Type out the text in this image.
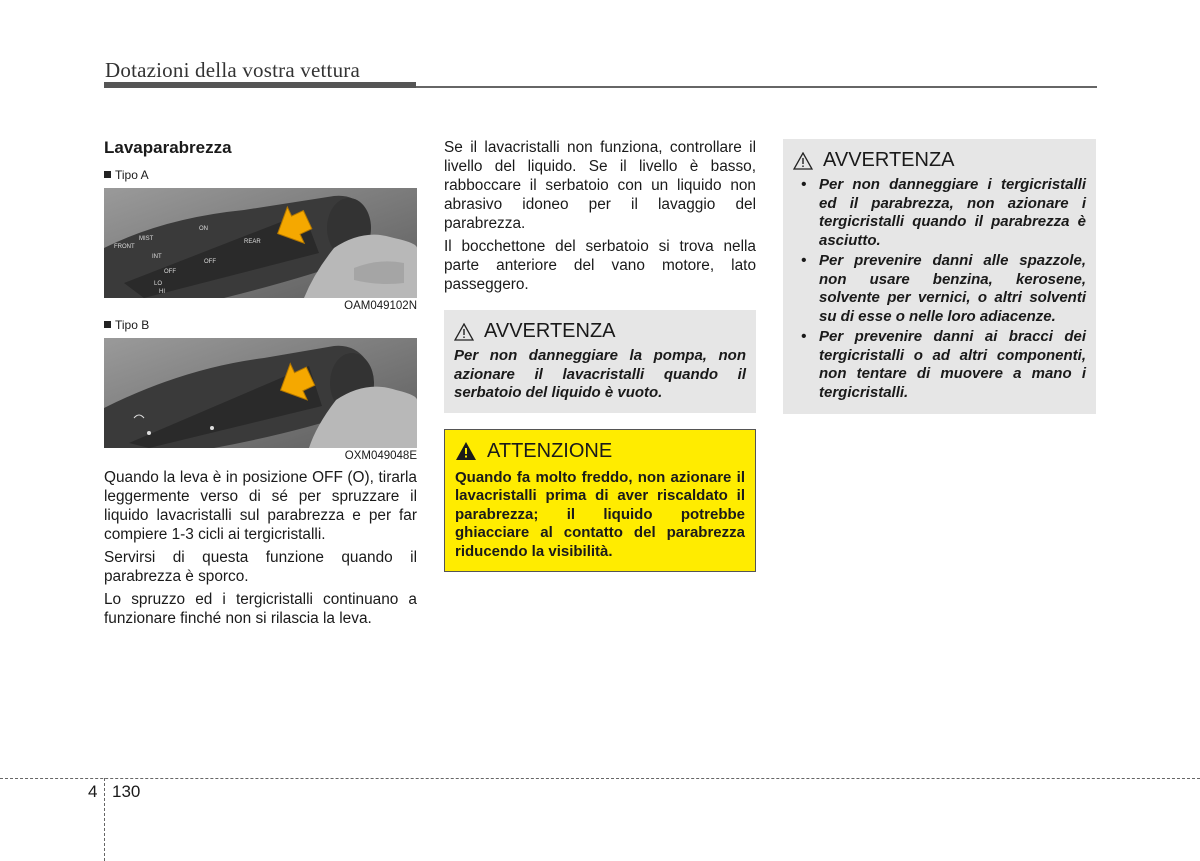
Dotazioni della vostra vettura
Lavaparabrezza
Tipo A
MIST
OFF
INT
LO
HI
ON
OFF
REAR
FRONT
OAM049102N
Tipo B
OXM049048E

Quando la leva è in posizione OFF (O), tirarla leggermente verso di sé per spruzzare il liquido lavacristalli sul parabrezza e per far compiere 1-3 cicli ai tergicristalli.

Servirsi di questa funzione quando il parabrezza è sporco.

Lo spruzzo ed i tergicristalli continuano a funzionare finché non si rilascia la leva.

Se il lavacristalli non funziona, controllare il livello del liquido. Se il livello è basso, rabboccare il serbatoio con un liquido non abrasivo idoneo per il lavaggio del parabrezza.

Il bocchettone del serbatoio si trova nella parte anteriore del vano motore, lato passeggero.

AVVERTENZA

Per non danneggiare la pompa, non azionare il lavacristalli quando il serbatoio del liquido è vuoto.

ATTENZIONE

Quando fa molto freddo, non azionare il lavacristalli prima di aver riscaldato il parabrezza; il liquido potrebbe ghiacciare al contatto del parabrezza riducendo la visibilità.

AVVERTENZA
• Per non danneggiare i tergicristalli ed il parabrezza, non azionare i tergicristalli quando il parabrezza è asciutto.
• Per prevenire danni alle spazzole, non usare benzina, kerosene, solvente per vernici, o altri solventi su di esse o nelle loro adiacenze.
• Per prevenire danni ai bracci dei tergicristalli o ad altri componenti, non tentare di muovere a mano i tergicristalli.
4 130
